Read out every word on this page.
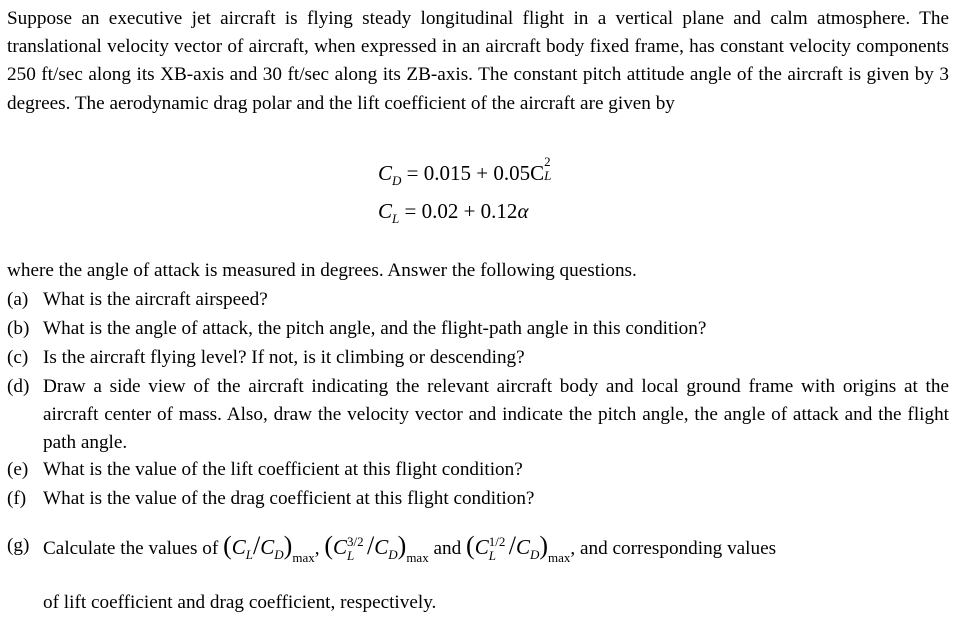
Suppose an executive jet aircraft is flying steady longitudinal flight in a vertical plane and calm atmosphere. The translational velocity vector of aircraft, when expressed in an aircraft body fixed frame, has constant velocity components 250 ft/sec along its XB-axis and 30 ft/sec along its ZB-axis. The constant pitch attitude angle of the aircraft is given by 3 degrees. The aerodynamic drag polar and the lift coefficient of the aircraft are given by
$C_D = 0.015 + 0.05C$ 2
L
$C_L = 0.02 + 0.12\alpha$
where the angle of attack is measured in degrees. Answer the following questions.
(a) What is the aircraft airspeed?
(b) What is the angle of attack, the pitch angle, and the flight-path angle in this condition?
(c) Is the aircraft flying level? If not, is it climbing or descending?
(d) Draw a side view of the aircraft indicating the relevant aircraft body and local ground frame with origins at the aircraft center of mass. Also, draw the velocity vector and indicate the pitch angle, the angle of attack and the flight path angle.
(e) What is the value of the lift coefficient at this flight condition?
(f) What is the value of the drag coefficient at this flight condition?
(g) Calculate the values of $(CL/CD)_{max}$, (C 3/2
L $/CD)_{max}$ and (C 1/2
L $/CD)_{max}$, and corresponding values
of lift coefficient and drag coefficient, respectively.
